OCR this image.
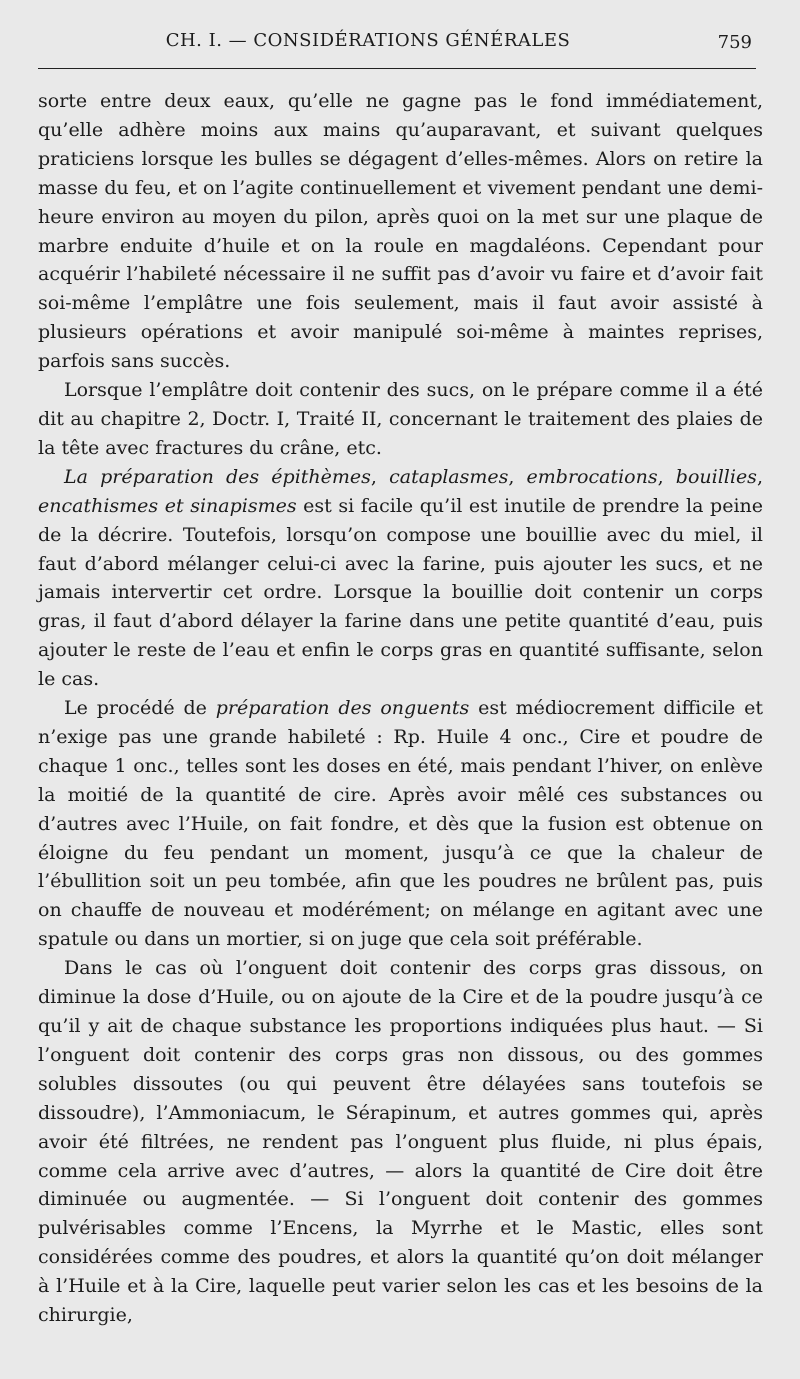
CH. I. — CONSIDÉRATIONS GÉNÉRALES	759

sorte entre deux eaux, qu’elle ne gagne pas le fond immédiatement, qu’elle adhère moins aux mains qu’auparavant, et suivant quelques praticiens lorsque les bulles se dégagent d’elles-mêmes. Alors on retire la masse du feu, et on l’agite continuellement et vivement pendant une demi-heure environ au moyen du pilon, après quoi on la met sur une plaque de marbre enduite d’huile et on la roule en magdaléons. Cependant pour acquérir l’habileté nécessaire il ne suffit pas d’avoir vu faire et d’avoir fait soi-même l’emplâtre une fois seulement, mais il faut avoir assisté à plusieurs opérations et avoir manipulé soi-même à maintes reprises, parfois sans succès.

Lorsque l’emplâtre doit contenir des sucs, on le prépare comme il a été dit au chapitre 2, Doctr. I, Traité II, concernant le traitement des plaies de la tête avec fractures du crâne, etc.

La préparation des épithèmes, cataplasmes, embrocations, bouillies, encathismes et sinapismes est si facile qu’il est inutile de prendre la peine de la décrire. Toutefois, lorsqu’on compose une bouillie avec du miel, il faut d’abord mélanger celui-ci avec la farine, puis ajouter les sucs, et ne jamais intervertir cet ordre. Lorsque la bouillie doit contenir un corps gras, il faut d’abord délayer la farine dans une petite quantité d’eau, puis ajouter le reste de l’eau et enfin le corps gras en quantité suffisante, selon le cas.

Le procédé de préparation des onguents est médiocrement difficile et n’exige pas une grande habileté : Rp. Huile 4 onc., Cire et poudre de chaque 1 onc., telles sont les doses en été, mais pendant l’hiver, on enlève la moitié de la quantité de cire. Après avoir mêlé ces substances ou d’autres avec l’Huile, on fait fondre, et dès que la fusion est obtenue on éloigne du feu pendant un moment, jusqu’à ce que la chaleur de l’ébullition soit un peu tombée, afin que les poudres ne brûlent pas, puis on chauffe de nouveau et modérément; on mélange en agitant avec une spatule ou dans un mortier, si on juge que cela soit préférable.

Dans le cas où l’onguent doit contenir des corps gras dissous, on diminue la dose d’Huile, ou on ajoute de la Cire et de la poudre jusqu’à ce qu’il y ait de chaque substance les proportions indiquées plus haut. — Si l’onguent doit contenir des corps gras non dissous, ou des gommes solubles dissoutes (ou qui peuvent être délayées sans toutefois se dissoudre), l’Ammoniacum, le Sérapinum, et autres gommes qui, après avoir été filtrées, ne rendent pas l’onguent plus fluide, ni plus épais, comme cela arrive avec d’autres, — alors la quantité de Cire doit être diminuée ou augmentée. — Si l’onguent doit contenir des gommes pulvérisables comme l’Encens, la Myrrhe et le Mastic, elles sont considérées comme des poudres, et alors la quantité qu’on doit mélanger à l’Huile et à la Cire, laquelle peut varier selon les cas et les besoins de la chirurgie,
